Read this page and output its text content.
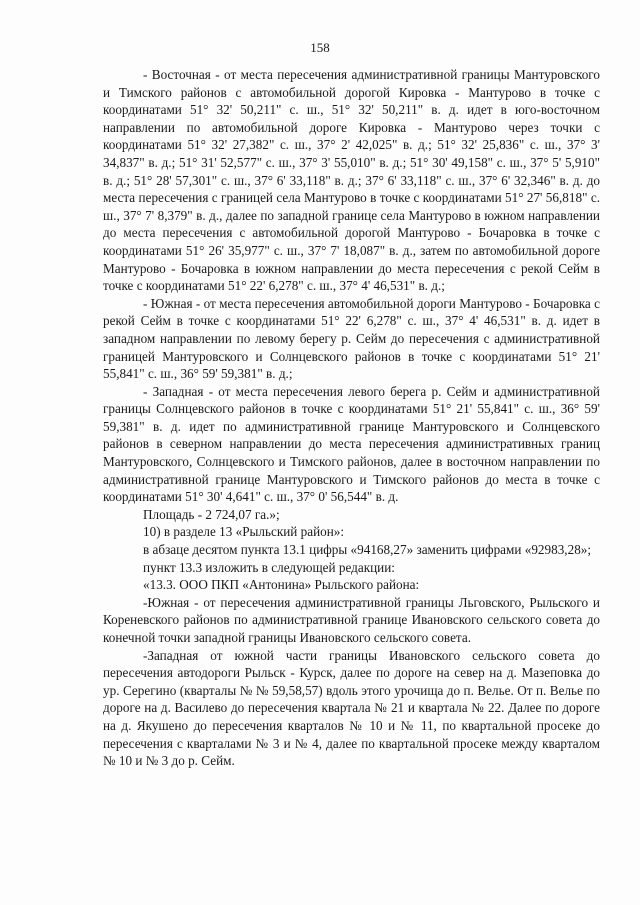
158

- Восточная - от места пересечения административной границы Мантуровского и Тимского районов с автомобильной дорогой Кировка - Мантурово в точке с координатами 51° 32' 50,211" с. ш., 51° 32' 50,211" в. д. идет в юго-восточном направлении по автомобильной дороге Кировка - Мантурово через точки с координатами 51° 32' 27,382" с. ш., 37° 2' 42,025" в. д.; 51° 32' 25,836" с. ш., 37° 3' 34,837" в. д.; 51° 31' 52,577" с. ш., 37° 3' 55,010" в. д.; 51° 30' 49,158" с. ш., 37° 5' 5,910" в. д.; 51° 28' 57,301" с. ш., 37° 6' 33,118" в. д.; 37° 6' 33,118" с. ш., 37° 6' 32,346" в. д. до места пересечения с границей села Мантурово в точке с координатами 51° 27' 56,818" с. ш., 37° 7' 8,379" в. д., далее по западной границе села Мантурово в южном направлении до места пересечения с автомобильной дорогой Мантурово - Бочаровка в точке с координатами 51° 26' 35,977" с. ш., 37° 7' 18,087" в. д., затем по автомобильной дороге Мантурово - Бочаровка в южном направлении до места пересечения с рекой Сейм в точке с координатами 51° 22' 6,278" с. ш., 37° 4' 46,531" в. д.;

- Южная - от места пересечения автомобильной дороги Мантурово - Бочаровка с рекой Сейм в точке с координатами 51° 22' 6,278" с. ш., 37° 4' 46,531" в. д. идет в западном направлении по левому берегу р. Сейм до пересечения с административной границей Мантуровского и Солнцевского районов в точке с координатами 51° 21' 55,841" с. ш., 36° 59' 59,381" в. д.;

- Западная - от места пересечения левого берега р. Сейм и административной границы Солнцевского районов в точке с координатами 51° 21' 55,841" с. ш., 36° 59' 59,381" в. д. идет по административной границе Мантуровского и Солнцевского районов в северном направлении до места пересечения административных границ Мантуровского, Солнцевского и Тимского районов, далее в восточном направлении по административной границе Мантуровского и Тимского районов до места в точке с координатами 51° 30' 4,641" с. ш., 37° 0' 56,544" в. д.

Площадь - 2 724,07 га.»;

10) в разделе 13 «Рыльский район»:

в абзаце десятом пункта 13.1 цифры «94168,27» заменить цифрами «92983,28»;

пункт 13.3 изложить в следующей редакции:

«13.3. ООО ПКП «Антонина» Рыльского района:

-Южная - от пересечения административной границы Льговского, Рыльского и Кореневского районов по административной границе Ивановского сельского совета до конечной точки западной границы Ивановского сельского совета.

-Западная от южной части границы Ивановского сельского совета до пересечения автодороги Рыльск - Курск, далее по дороге на север на д. Мазеповка до ур. Серегино (кварталы № № 59,58,57) вдоль этого урочища до п. Велье. От п. Велье по дороге на д. Василево до пересечения квартала № 21 и квартала № 22. Далее по дороге на д. Якушено до пересечения кварталов № 10 и № 11, по квартальной просеке до пересечения с кварталами № 3 и № 4, далее по квартальной просеке между кварталом № 10 и № 3 до р. Сейм.
